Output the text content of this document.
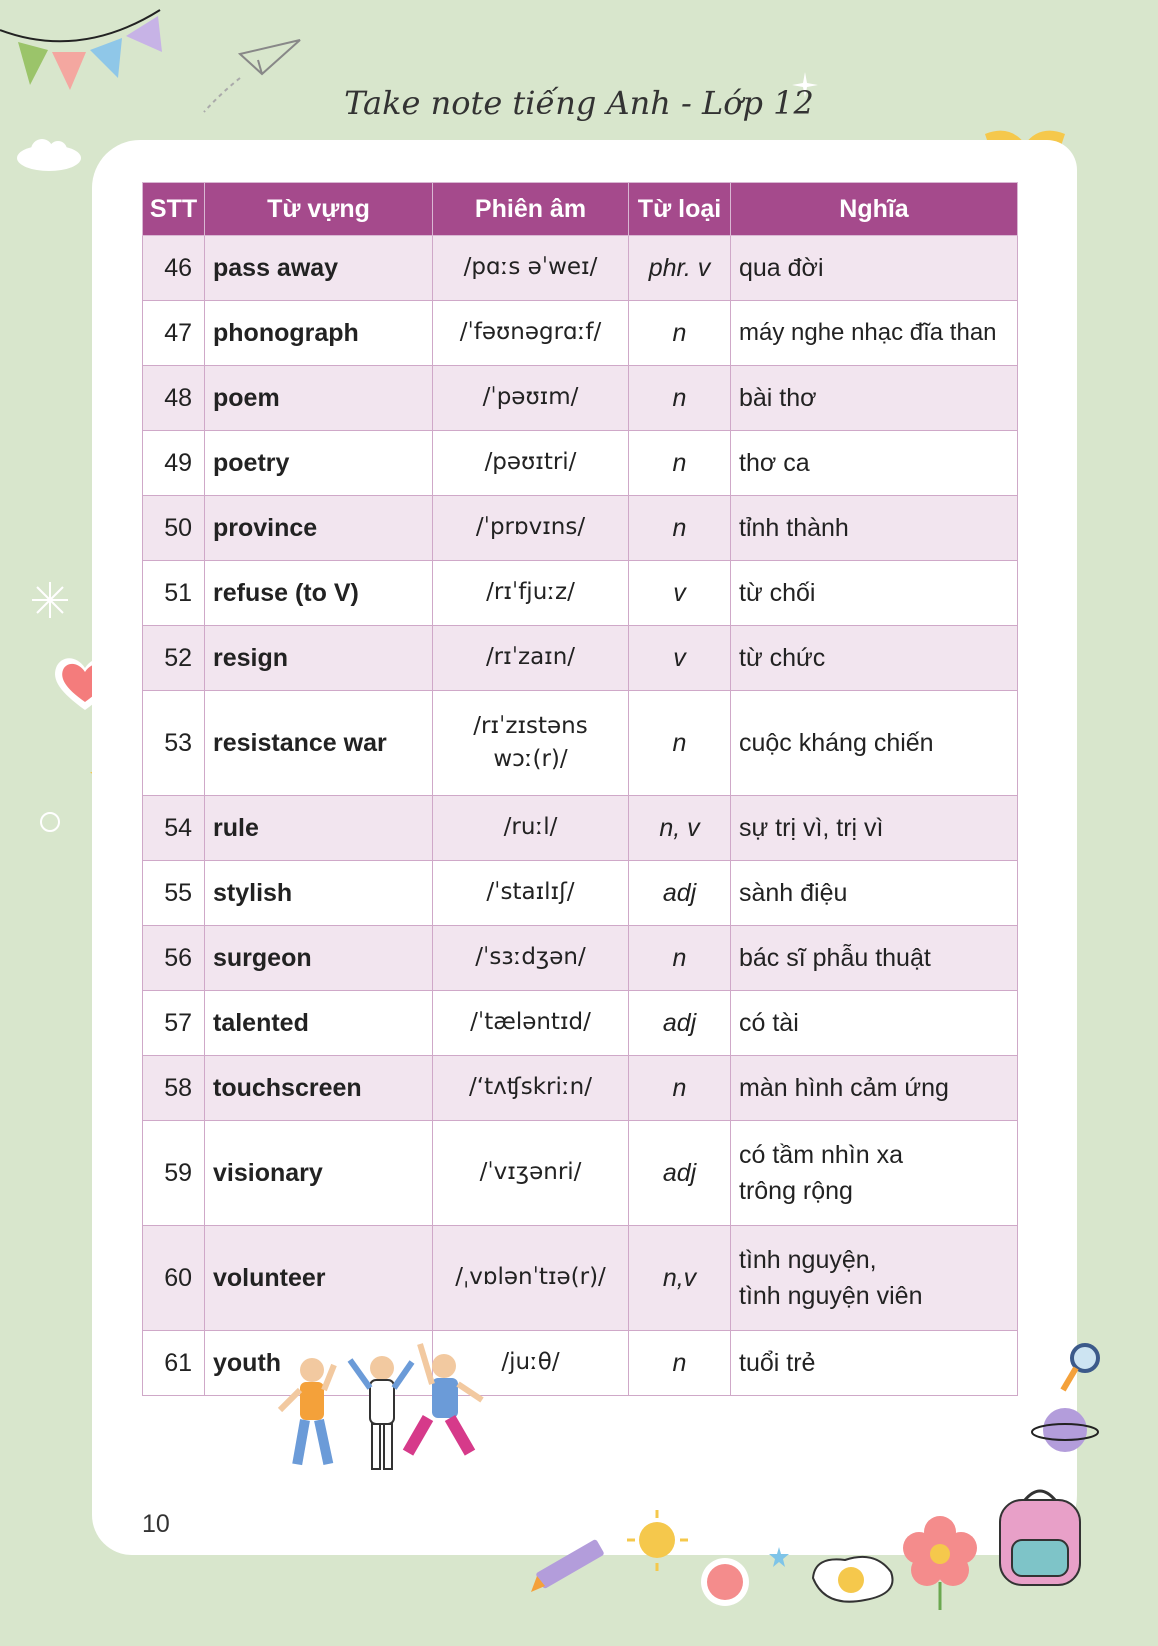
Take note tiếng Anh - Lớp 12
STT	Từ vựng	Phiên âm	Từ loại	Nghĩa
46	pass away	/pɑːs əˈweɪ/	phr. v	qua đời
47	phonograph	/ˈfəʊnəgrɑːf/	n	máy nghe nhạc đĩa than
48	poem	/ˈpəʊɪm/	n	bài thơ
49	poetry	/pəʊɪtri/	n	thơ ca
50	province	/ˈprɒvɪns/	n	tỉnh thành
51	refuse (to V)	/rɪˈfjuːz/	v	từ chối
52	resign	/rɪˈzaɪn/	v	từ chức
53	resistance war	/rɪˈzɪstəns
wɔː(r)/	n	cuộc kháng chiến
54	rule	/ruːl/	n, v	sự trị vì, trị vì
55	stylish	/ˈstaɪlɪʃ/	adj	sành điệu
56	surgeon	/ˈsɜːdʒən/	n	bác sĩ phẫu thuật
57	talented	/ˈtæləntɪd/	adj	có tài
58	touchscreen	/‘tʌʧskriːn/	n	màn hình cảm ứng
59	visionary	/ˈvɪʒənri/	adj	có tầm nhìn xa
trông rộng
60	volunteer	/ˌvɒlənˈtɪə(r)/	n,v	tình nguyện,
tình nguyện viên
61	youth	/juːθ/	n	tuổi trẻ
10
